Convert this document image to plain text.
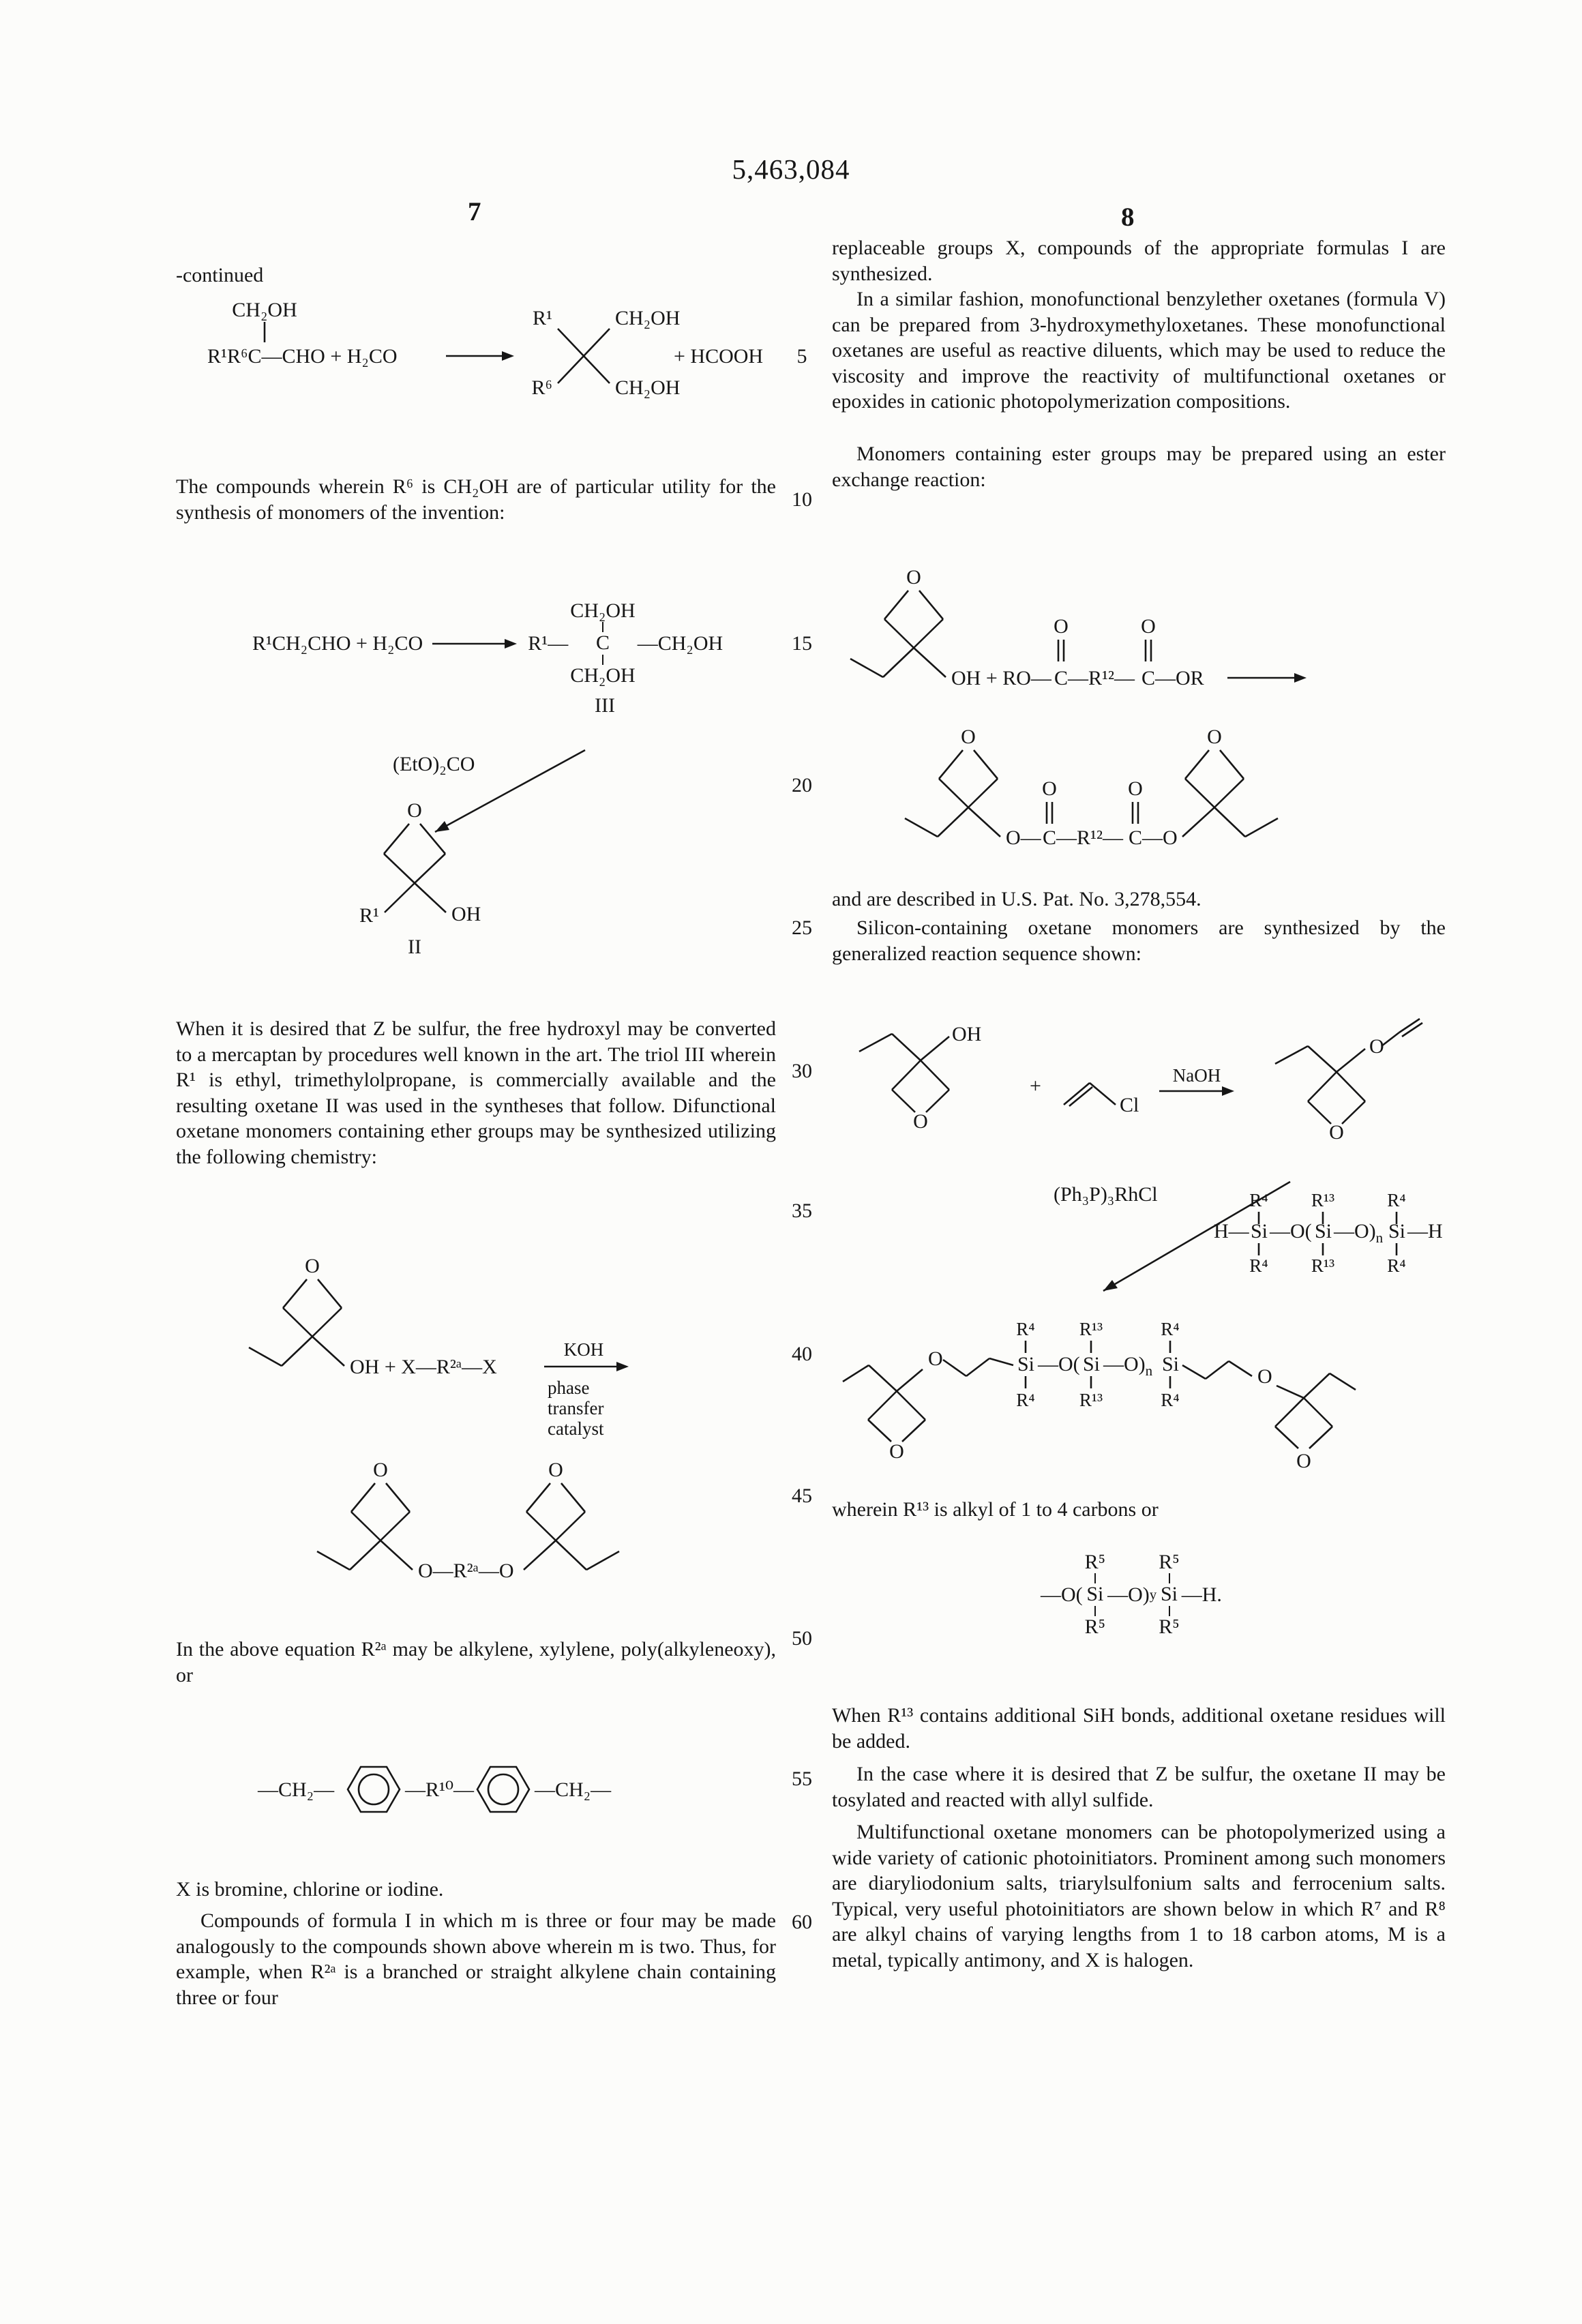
5,463,084
7	8
5
10
15
20
25
30
35
40
45
50
55
60

-continued

CH₂OH
R¹R⁶C—CHO + H₂CO
R¹	CH₂OH
R⁶	CH₂OH
+ HCOOH

The compounds wherein R⁶ is CH₂OH are of particular utility for the synthesis of monomers of the invention:

R¹CH₂CHO + H₂CO	R¹—
CH₂OH
C
CH₂OH
—CH₂OH
III
(EtO)₂CO
O
R¹	OH
II

When it is desired that Z be sulfur, the free hydroxyl may be converted to a mercaptan by procedures well known in the art. The triol III wherein R¹ is ethyl, trimethylolpropane, is commercially available and the resulting oxetane II was used in the syntheses that follow. Difunctional oxetane monomers containing ether groups may be synthesized utilizing the following chemistry:

O
OH + X—R²ᵃ—X
KOH
phase
transfer
catalyst
O	O
O—R²ᵃ—O

In the above equation R²ᵃ may be alkylene, xylylene, poly(alkyleneoxy), or

—CH₂—	—R¹⁰—	—CH₂—

X is bromine, chlorine or iodine.

Compounds of formula I in which m is three or four may be made analogously to the compounds shown above wherein m is two. Thus, for example, when R²ᵃ is a branched or straight alkylene chain containing three or four

replaceable groups X, compounds of the appropriate formulas I are synthesized.

In a similar fashion, monofunctional benzylether oxetanes (formula V) can be prepared from 3-hydroxymethyloxetanes. These monofunctional oxetanes are useful as reactive diluents, which may be used to reduce the viscosity and improve the reactivity of multifunctional oxetanes or epoxides in cationic photopolymerization compositions.

Monomers containing ester groups may be prepared using an ester exchange reaction:

O
OH + RO— C —R¹²— C —OR
O	O
O	O
O— C —R¹²— C —O
O	O

and are described in U.S. Pat. No. 3,278,554.

Silicon-containing oxetane monomers are synthesized by the generalized reaction sequence shown:

OH
O
+
Cl
NaOH
O
O
(Ph₃P)₃RhCl
H— Si —O( Si $—O)_n$ Si —H
R⁴ R¹³	R⁴
R⁴ R¹³	R⁴
O
O	Si —O( Si $—O)_n$ Si
O
O
R⁴ R¹³	R⁴
R⁴ R¹³	R⁴

wherein R¹³ is alkyl of 1 to 4 carbons or

—O(
R⁵
Si
R⁵
—O) y
R⁵
Si
R⁵
—H.

When R¹³ contains additional SiH bonds, additional oxetane residues will be added.

In the case where it is desired that Z be sulfur, the oxetane II may be tosylated and reacted with allyl sulfide.

Multifunctional oxetane monomers can be photopolymerized using a wide variety of cationic photoinitiators. Prominent among such monomers are diaryliodonium salts, triarylsulfonium salts and ferrocenium salts. Typical, very useful photoinitiators are shown below in which R⁷ and R⁸ are alkyl chains of varying lengths from 1 to 18 carbon atoms, M is a metal, typically antimony, and X is halogen.
